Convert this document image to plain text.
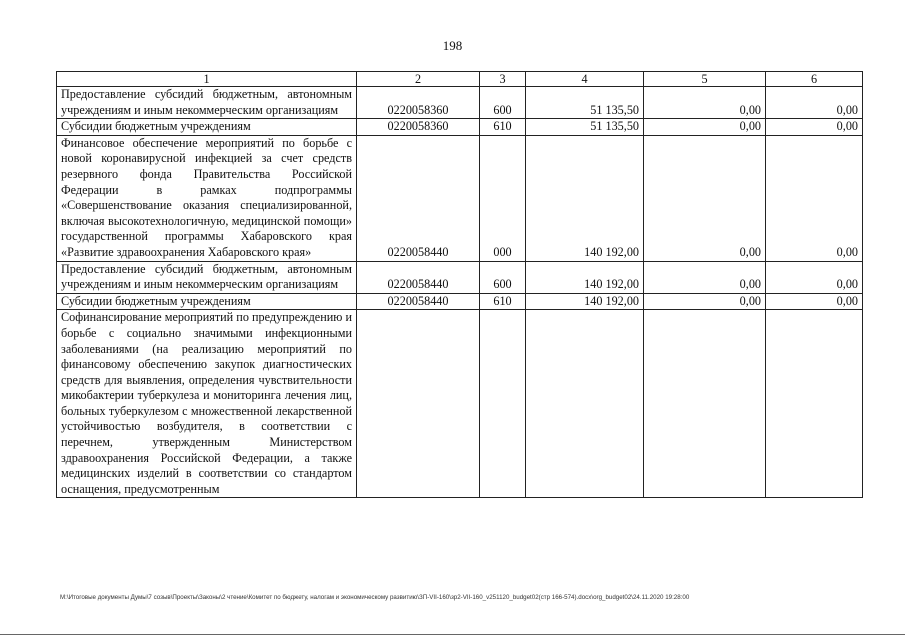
198
1	2	3	4	5	6
Предоставление субсидий бюджетным, автономным учреждениям и иным некоммерческим организациям	0220058360	600	51 135,50	0,00	0,00
Субсидии бюджетным учреждениям	0220058360	610	51 135,50	0,00	0,00
Финансовое обеспечение мероприятий по борьбе с новой коронавирусной инфекцией за счет средств резервного фонда Правительства Российской Федерации в рамках подпрограммы «Совершенствование оказания специализированной, включая высокотехнологичную, медицинской помощи» государственной программы Хабаровского края «Развитие здравоохранения Хабаровского края»	0220058440	000	140 192,00	0,00	0,00
Предоставление субсидий бюджетным, автономным учреждениям и иным некоммерческим организациям	0220058440	600	140 192,00	0,00	0,00
Субсидии бюджетным учреждениям	0220058440	610	140 192,00	0,00	0,00
Софинансирование мероприятий по предупреждению и борьбе с социально значимыми инфекционными заболеваниями (на реализацию мероприятий по финансовому обеспечению закупок диагностических средств для выявления, определения чувствительности микобактерии туберкулеза и мониторинга лечения лиц, больных туберкулезом с множественной лекарственной устойчивостью возбудителя, в соответствии с перечнем, утвержденным Министерством здравоохранения Российской Федерации, а также медицинских изделий в соответствии со стандартом оснащения, предусмотренным					
M:\Итоговые документы Думы\7 созыв\Проекты\Законы\2 чтение\Комитет по бюджету, налогам и экономическому развитию\ЗП-VII-160\зр2-VII-160_v251120_budget02(стр 166-574).docx\org_budget02\24.11.2020 19:28:00
